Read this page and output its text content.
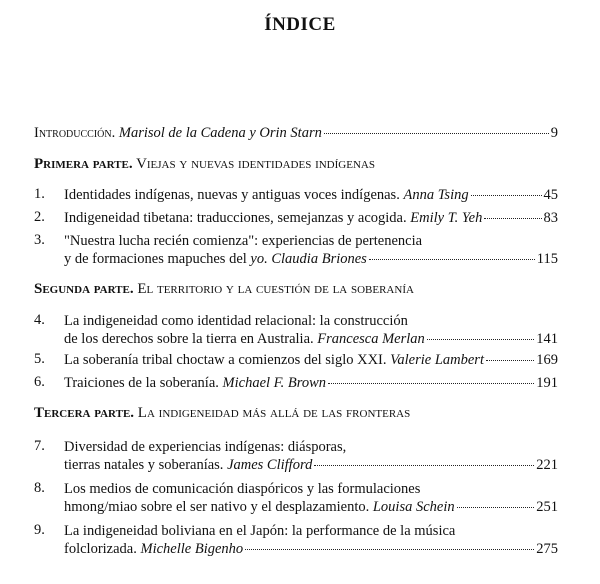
ÍNDICE
Introducción.
Marisol de la Cadena y Orin Starn	9
Primera parte. Viejas y nuevas identidades indígenas
1. Identidades indígenas, nuevas y antiguas voces indígenas.
Anna Tsing	45
2. Indigeneidad tibetana: traducciones, semejanzas y acogida.
Emily T. Yeh	83
3. "Nuestra lucha recién comienza": experiencias de pertenencia
y de formaciones mapuches del
yo.
Claudia Briones	115
Segunda parte. El territorio y la cuestión de la soberanía
4. La indigeneidad como identidad relacional: la construcción
de los derechos sobre la tierra en Australia.
Francesca Merlan	141
5. La soberanía tribal choctaw a comienzos del siglo XXI.
Valerie Lambert	169
6. Traiciones de la soberanía.
Michael F. Brown	191
Tercera parte. La indigeneidad más allá de las fronteras
7. Diversidad de experiencias indígenas: diásporas,
tierras natales y soberanías.
James Clifford	221
8. Los medios de comunicación diaspóricos y las formulaciones
hmong/miao sobre el ser nativo y el desplazamiento.
Louisa Schein	251
9. La indigeneidad boliviana en el Japón: la performance de la música
folclorizada.
Michelle Bigenho	275
